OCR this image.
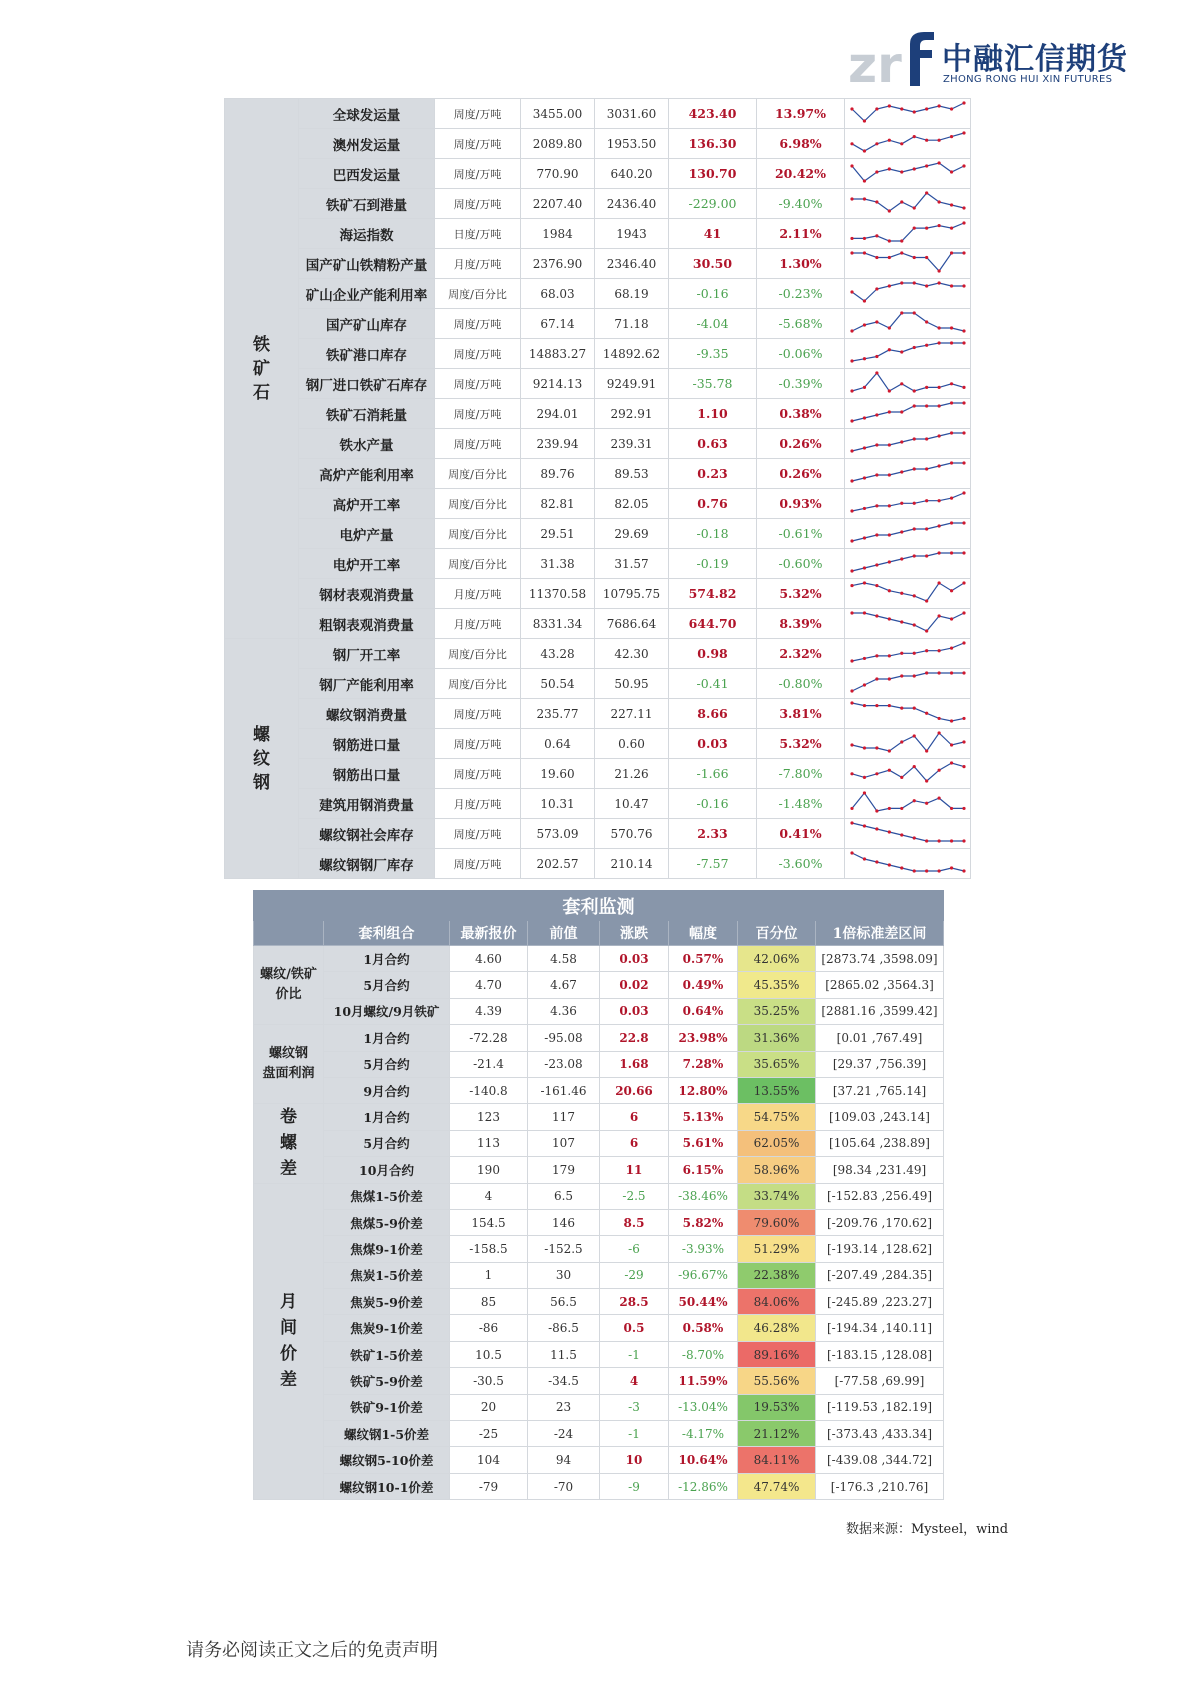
zr 中融汇信期货
ZHONG RONG HUI XIN FUTURES
铁
矿
石	全球发运量	周度/万吨	3455.00	3031.60	423.40	13.97%	
	澳州发运量	周度/万吨	2089.80	1953.50	136.30	6.98%	
	巴西发运量	周度/万吨	770.90	640.20	130.70	20.42%	
	铁矿石到港量	周度/万吨	2207.40	2436.40	-229.00	-9.40%	
	海运指数	日度/万吨	1984	1943	41	2.11%	
	国产矿山铁精粉产量	月度/万吨	2376.90	2346.40	30.50	1.30%	
	矿山企业产能利用率	周度/百分比	68.03	68.19	-0.16	-0.23%	
	国产矿山库存	周度/万吨	67.14	71.18	-4.04	-5.68%	
	铁矿港口库存	周度/万吨	14883.27	14892.62	-9.35	-0.06%	
	钢厂进口铁矿石库存	周度/万吨	9214.13	9249.91	-35.78	-0.39%	
	铁矿石消耗量	周度/万吨	294.01	292.91	1.10	0.38%	
	铁水产量	周度/万吨	239.94	239.31	0.63	0.26%	
	高炉产能利用率	周度/百分比	89.76	89.53	0.23	0.26%	
	高炉开工率	周度/百分比	82.81	82.05	0.76	0.93%	
	电炉产量	周度/百分比	29.51	29.69	-0.18	-0.61%	
	电炉开工率	周度/百分比	31.38	31.57	-0.19	-0.60%	
	钢材表观消费量	月度/万吨	11370.58	10795.75	574.82	5.32%	
	粗钢表观消费量	月度/万吨	8331.34	7686.64	644.70	8.39%	
螺
纹
钢	钢厂开工率	周度/百分比	43.28	42.30	0.98	2.32%	
	钢厂产能利用率	周度/百分比	50.54	50.95	-0.41	-0.80%	
	螺纹钢消费量	周度/万吨	235.77	227.11	8.66	3.81%	
	钢筋进口量	周度/万吨	0.64	0.60	0.03	5.32%	
	钢筋出口量	周度/万吨	19.60	21.26	-1.66	-7.80%	
	建筑用钢消费量	月度/万吨	10.31	10.47	-0.16	-1.48%	
	螺纹钢社会库存	周度/万吨	573.09	570.76	2.33	0.41%	
	螺纹钢钢厂库存	周度/万吨	202.57	210.14	-7.57	-3.60%	
套利监测							
	套利组合	最新报价	前值	涨跌	幅度	百分位	1倍标准差区间
螺纹/铁矿
价比	1月合约	4.60	4.58	0.03	0.57%	42.06%	[2873.74 ,3598.09]
	5月合约	4.70	4.67	0.02	0.49%	45.35%	[2865.02 ,3564.3]
	10月螺纹/9月铁矿	4.39	4.36	0.03	0.64%	35.25%	[2881.16 ,3599.42]
螺纹钢
盘面利润	1月合约	-72.28	-95.08	22.8	23.98%	31.36%	[0.01 ,767.49]
	5月合约	-21.4	-23.08	1.68	7.28%	35.65%	[29.37 ,756.39]
	9月合约	-140.8	-161.46	20.66	12.80%	13.55%	[37.21 ,765.14]
卷
螺
差	1月合约	123	117	6	5.13%	54.75%	[109.03 ,243.14]
	5月合约	113	107	6	5.61%	62.05%	[105.64 ,238.89]
	10月合约	190	179	11	6.15%	58.96%	[98.34 ,231.49]
月
间
价
差	焦煤1-5价差	4	6.5	-2.5	-38.46%	33.74%	[-152.83 ,256.49]
	焦煤5-9价差	154.5	146	8.5	5.82%	79.60%	[-209.76 ,170.62]
	焦煤9-1价差	-158.5	-152.5	-6	-3.93%	51.29%	[-193.14 ,128.62]
	焦炭1-5价差	1	30	-29	-96.67%	22.38%	[-207.49 ,284.35]
	焦炭5-9价差	85	56.5	28.5	50.44%	84.06%	[-245.89 ,223.27]
	焦炭9-1价差	-86	-86.5	0.5	0.58%	46.28%	[-194.34 ,140.11]
	铁矿1-5价差	10.5	11.5	-1	-8.70%	89.16%	[-183.15 ,128.08]
	铁矿5-9价差	-30.5	-34.5	4	11.59%	55.56%	[-77.58 ,69.99]
	铁矿9-1价差	20	23	-3	-13.04%	19.53%	[-119.53 ,182.19]
	螺纹钢1-5价差	-25	-24	-1	-4.17%	21.12%	[-373.43 ,433.34]
	螺纹钢5-10价差	104	94	10	10.64%	84.11%	[-439.08 ,344.72]
	螺纹钢10-1价差	-79	-70	-9	-12.86%	47.74%	[-176.3 ,210.76]
数据来源：Mysteel，wind
请务必阅读正文之后的免责声明
